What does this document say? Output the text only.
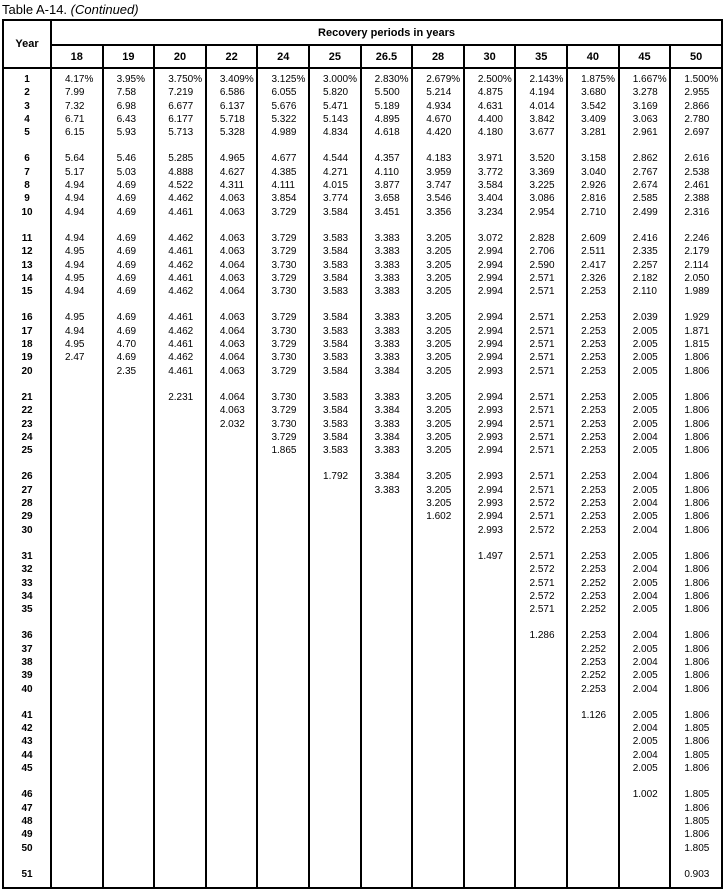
Table A-14. (Continued)
Year	Recovery periods in years												
	18	19	20	22	24	25	26.5	28	30	35	40	45	50

1	4.17%	3.95%	3.750%	3.409%	3.125%	3.000%	2.830%	2.679%	2.500%	2.143%	1.875%	1.667%	1.500%
2	7.99	7.58	7.219	6.586	6.055	5.820	5.500	5.214	4.875	4.194	3.680	3.278	2.955
3	7.32	6.98	6.677	6.137	5.676	5.471	5.189	4.934	4.631	4.014	3.542	3.169	2.866
4	6.71	6.43	6.177	5.718	5.322	5.143	4.895	4.670	4.400	3.842	3.409	3.063	2.780
5	6.15	5.93	5.713	5.328	4.989	4.834	4.618	4.420	4.180	3.677	3.281	2.961	2.697

6	5.64	5.46	5.285	4.965	4.677	4.544	4.357	4.183	3.971	3.520	3.158	2.862	2.616
7	5.17	5.03	4.888	4.627	4.385	4.271	4.110	3.959	3.772	3.369	3.040	2.767	2.538
8	4.94	4.69	4.522	4.311	4.111	4.015	3.877	3.747	3.584	3.225	2.926	2.674	2.461
9	4.94	4.69	4.462	4.063	3.854	3.774	3.658	3.546	3.404	3.086	2.816	2.585	2.388
10	4.94	4.69	4.461	4.063	3.729	3.584	3.451	3.356	3.234	2.954	2.710	2.499	2.316

11	4.94	4.69	4.462	4.063	3.729	3.583	3.383	3.205	3.072	2.828	2.609	2.416	2.246
12	4.95	4.69	4.461	4.063	3.729	3.584	3.383	3.205	2.994	2.706	2.511	2.335	2.179
13	4.94	4.69	4.462	4.064	3.730	3.583	3.383	3.205	2.994	2.590	2.417	2.257	2.114
14	4.95	4.69	4.461	4.063	3.729	3.584	3.383	3.205	2.994	2.571	2.326	2.182	2.050
15	4.94	4.69	4.462	4.064	3.730	3.583	3.383	3.205	2.994	2.571	2.253	2.110	1.989

16	4.95	4.69	4.461	4.063	3.729	3.584	3.383	3.205	2.994	2.571	2.253	2.039	1.929
17	4.94	4.69	4.462	4.064	3.730	3.583	3.383	3.205	2.994	2.571	2.253	2.005	1.871
18	4.95	4.70	4.461	4.063	3.729	3.584	3.383	3.205	2.994	2.571	2.253	2.005	1.815
19	2.47	4.69	4.462	4.064	3.730	3.583	3.383	3.205	2.994	2.571	2.253	2.005	1.806
20		2.35	4.461	4.063	3.729	3.584	3.384	3.205	2.993	2.571	2.253	2.005	1.806

21			2.231	4.064	3.730	3.583	3.383	3.205	2.994	2.571	2.253	2.005	1.806
22				4.063	3.729	3.584	3.384	3.205	2.993	2.571	2.253	2.005	1.806
23				2.032	3.730	3.583	3.383	3.205	2.994	2.571	2.253	2.005	1.806
24					3.729	3.584	3.384	3.205	2.993	2.571	2.253	2.004	1.806
25					1.865	3.583	3.383	3.205	2.994	2.571	2.253	2.005	1.806

26						1.792	3.384	3.205	2.993	2.571	2.253	2.004	1.806
27							3.383	3.205	2.994	2.571	2.253	2.005	1.806
28								3.205	2.993	2.572	2.253	2.004	1.806
29								1.602	2.994	2.571	2.253	2.005	1.806
30									2.993	2.572	2.253	2.004	1.806

31									1.497	2.571	2.253	2.005	1.806
32										2.572	2.253	2.004	1.806
33										2.571	2.252	2.005	1.806
34										2.572	2.253	2.004	1.806
35										2.571	2.252	2.005	1.806

36										1.286	2.253	2.004	1.806
37											2.252	2.005	1.806
38											2.253	2.004	1.806
39											2.252	2.005	1.806
40											2.253	2.004	1.806

41											1.126	2.005	1.806
42												2.004	1.805
43												2.005	1.806
44												2.004	1.805
45												2.005	1.806

46												1.002	1.805
47													1.806
48													1.805
49													1.806
50													1.805

51													0.903
